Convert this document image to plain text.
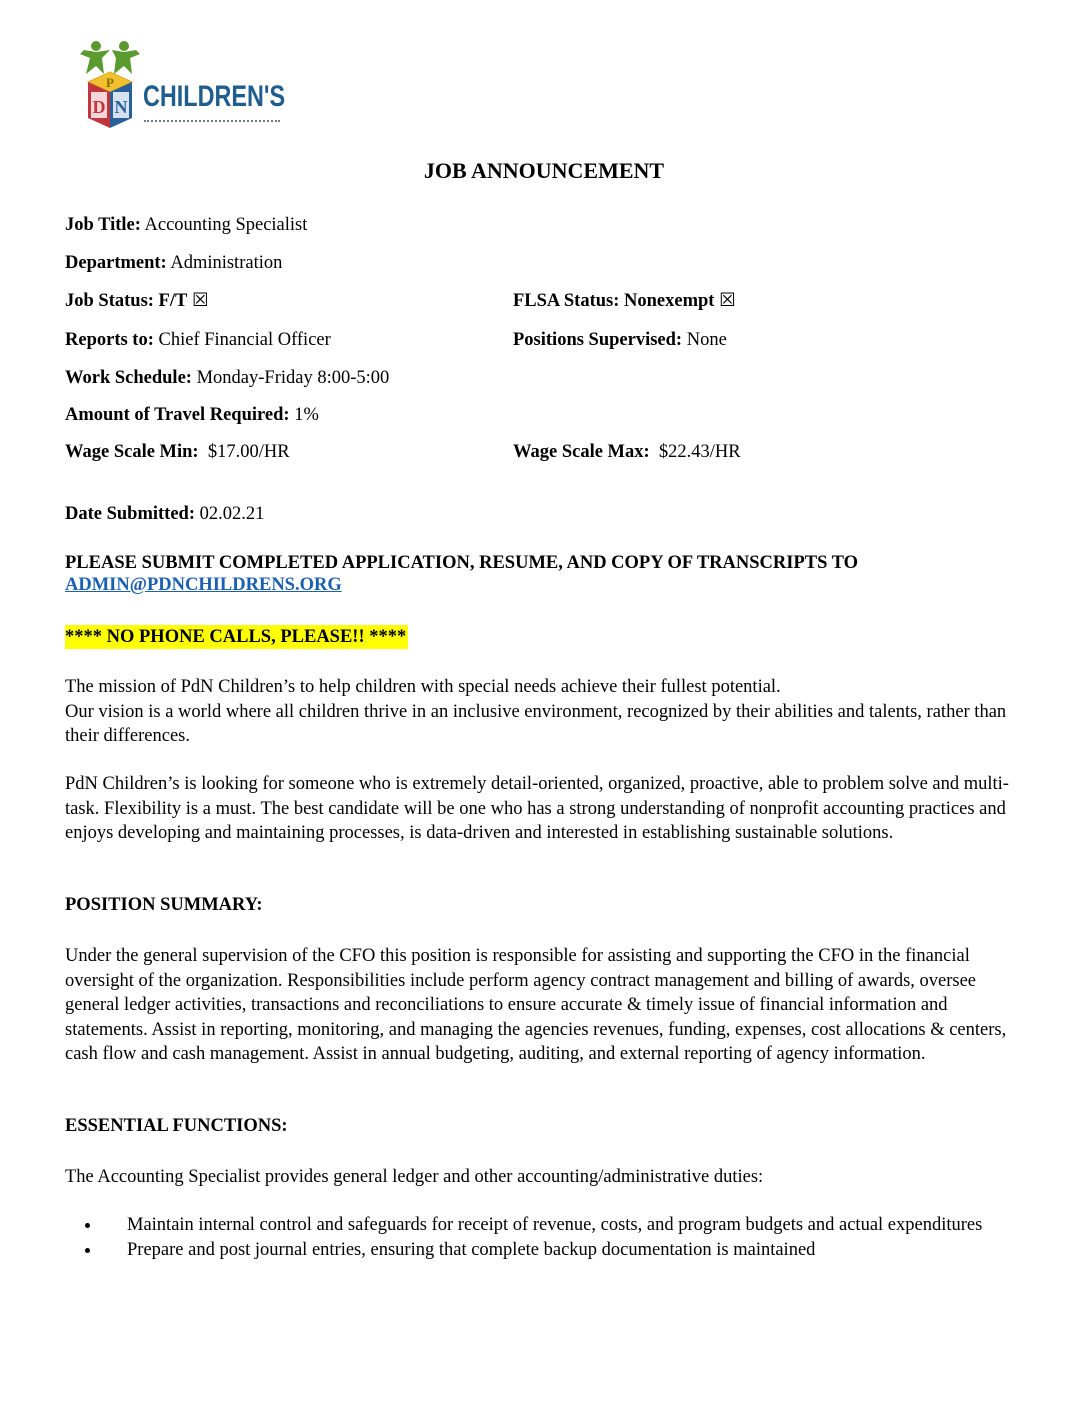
P
D N CHILDREN'S
JOB ANNOUNCEMENT
Job Title: Accounting Specialist
Department: Administration
Job Status: F/T ☒	FLSA Status: Nonexempt ☒
Reports to: Chief Financial Officer	Positions Supervised: None
Work Schedule: Monday-Friday 8:00-5:00
Amount of Travel Required: 1%
Wage Scale Min: $17.00/HR	Wage Scale Max: $22.43/HR
Date Submitted: 02.02.21
PLEASE SUBMIT COMPLETED APPLICATION, RESUME, AND COPY OF TRANSCRIPTS TO
ADMIN@PDNCHILDRENS.ORG
**** NO PHONE CALLS, PLEASE!! ****
The mission of PdN Children’s to help children with special needs achieve their fullest potential.
Our vision is a world where all children thrive in an inclusive environment, recognized by their abilities and talents, rather than their differences.
PdN Children’s is looking for someone who is extremely detail-oriented, organized, proactive, able to problem solve and multi-task. Flexibility is a must. The best candidate will be one who has a strong understanding of nonprofit accounting practices and enjoys developing and maintaining processes, is data-driven and interested in establishing sustainable solutions.
POSITION SUMMARY:
Under the general supervision of the CFO this position is responsible for assisting and supporting the CFO in the financial oversight of the organization. Responsibilities include perform agency contract management and billing of awards, oversee general ledger activities, transactions and reconciliations to ensure accurate & timely issue of financial information and statements. Assist in reporting, monitoring, and managing the agencies revenues, funding, expenses, cost allocations & centers, cash flow and cash management. Assist in annual budgeting, auditing, and external reporting of agency information.
ESSENTIAL FUNCTIONS:
The Accounting Specialist provides general ledger and other accounting/administrative duties:
Maintain internal control and safeguards for receipt of revenue, costs, and program budgets and actual expenditures
Prepare and post journal entries, ensuring that complete backup documentation is maintained
